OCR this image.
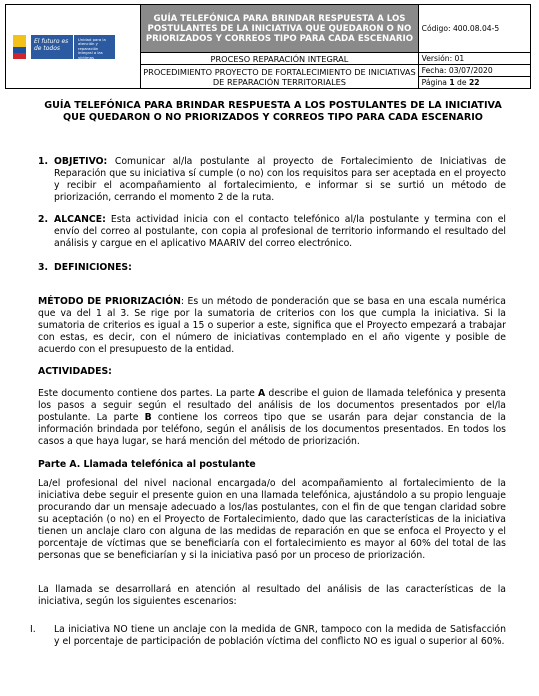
El futuro es de todos
Unidad para la atención y reparación integral a las víctimas	GUÍA TELEFÓNICA PARA BRINDAR RESPUESTA A LOS POSTULANTES DE LA INICIATIVA QUE QUEDARON O NO PRIORIZADOS Y CORREOS TIPO PARA CADA ESCENARIO	Código: 400.08.04-5
	PROCESO REPARACIÓN INTEGRAL	Versión: 01
	PROCEDIMIENTO PROYECTO DE FORTALECIMIENTO DE INICIATIVAS DE REPARACIÓN TERRITORIALES	Fecha: 03/07/2020
		Página 1 de 22
GUÍA TELEFÓNICA PARA BRINDAR RESPUESTA A LOS POSTULANTES DE LA INICIATIVA QUE QUEDARON O NO PRIORIZADOS Y CORREOS TIPO PARA CADA ESCENARIO
1. OBJETIVO: Comunicar al/la postulante al proyecto de Fortalecimiento de Iniciativas de Reparación que su iniciativa sí cumple (o no) con los requisitos para ser aceptada en el proyecto y recibir el acompañamiento al fortalecimiento, e informar si se surtió un método de priorización, cerrando el momento 2 de la ruta.
2. ALCANCE: Esta actividad inicia con el contacto telefónico al/la postulante y termina con el envío del correo al postulante, con copia al profesional de territorio informando el resultado del análisis y cargue en el aplicativo MAARIV del correo electrónico.
3. DEFINICIONES:
MÉTODO DE PRIORIZACIÓN: Es un método de ponderación que se basa en una escala numérica que va del 1 al 3. Se rige por la sumatoria de criterios con los que cumpla la iniciativa. Si la sumatoria de criterios es igual a 15 o superior a este, significa que el Proyecto empezará a trabajar con estas, es decir, con el número de iniciativas contemplado en el año vigente y posible de acuerdo con el presupuesto de la entidad.
ACTIVIDADES:
Este documento contiene dos partes. La parte A describe el guion de llamada telefónica y presenta los pasos a seguir según el resultado del análisis de los documentos presentados por el/la postulante. La parte B contiene los correos tipo que se usarán para dejar constancia de la información brindada por teléfono, según el análisis de los documentos presentados. En todos los casos a que haya lugar, se hará mención del método de priorización.
Parte A. Llamada telefónica al postulante
La/el profesional del nivel nacional encargada/o del acompañamiento al fortalecimiento de la iniciativa debe seguir el presente guion en una llamada telefónica, ajustándolo a su propio lenguaje procurando dar un mensaje adecuado a los/las postulantes, con el fin de que tengan claridad sobre su aceptación (o no) en el Proyecto de Fortalecimiento, dado que las características de la iniciativa tienen un anclaje claro con alguna de las medidas de reparación en que se enfoca el Proyecto y el porcentaje de víctimas que se beneficiaría con el fortalecimiento es mayor al 60% del total de las personas que se beneficiarían y si la iniciativa pasó por un proceso de priorización.
La llamada se desarrollará en atención al resultado del análisis de las características de la iniciativa, según los siguientes escenarios:
I. La iniciativa NO tiene un anclaje con la medida de GNR, tampoco con la medida de Satisfacción y el porcentaje de participación de población víctima del conflicto NO es igual o superior al 60%.
